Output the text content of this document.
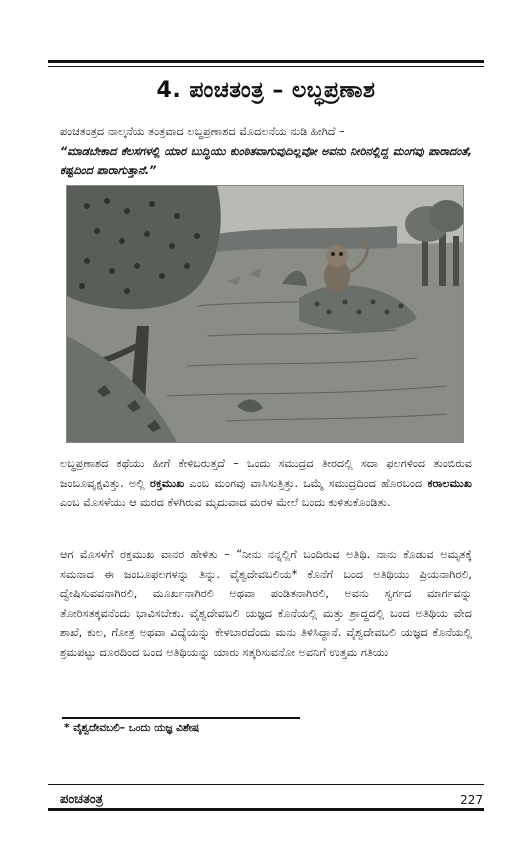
4. ಪಂಚತಂತ್ರ – ಲಬ್ಧಪ್ರಣಾಶ
ಪಂಚತಂತ್ರದ ನಾಲ್ಕನೆಯ ತಂತ್ರವಾದ ಲಬ್ಧಪ್ರಣಾಶದ ಮೊದಲನೆಯ ನುಡಿ ಹೀಗಿದೆ –
“ಮಾಡಬೇಕಾದ ಕೆಲಸಗಳಲ್ಲಿ ಯಾರ ಬುದ್ಧಿಯು ಕುಂಠಿತವಾಗುವುದಿಲ್ಲವೋ ಅವನು ನೀರಿನಲ್ಲಿದ್ದ ಮಂಗವು ಪಾರಾದಂತೆ, ಕಷ್ಟದಿಂದ ಪಾರಾಗುತ್ತಾನೆ.”
ಲಬ್ಧಪ್ರಣಾಶದ ಕಥೆಯು ಹೀಗೆ ಕೇಳಿಬರುತ್ತದೆ – ಒಂದು ಸಮುದ್ರದ ತೀರದಲ್ಲಿ ಸದಾ ಫಲಗಳಿಂದ ತುಂಬಿರುವ ಜಂಬೂವೃಕ್ಷವಿತ್ತು. ಅಲ್ಲಿ ರಕ್ತಮುಖ ಎಂಬ ಮಂಗವು ವಾಸಿಸುತ್ತಿತ್ತು. ಒಮ್ಮೆ ಸಮುದ್ರದಿಂದ ಹೊರಬಂದ ಕರಾಲಮುಖ ಎಂಬ ಮೊಸಳೆಯು ಆ ಮರದ ಕೆಳಗಿರುವ ಮೃದುವಾದ ಮರಳ ಮೇಲೆ ಬಂದು ಕುಳಿತುಕೊಂಡಿತು.
ಆಗ ಮೊಸಳೆಗೆ ರಕ್ತಮುಖ ವಾನರ ಹೇಳಿತು – “ನೀನು ನನ್ನಲ್ಲಿಗೆ ಬಂದಿರುವ ಅತಿಥಿ. ನಾನು ಕೊಡುವ ಅಮೃತಕ್ಕೆ ಸಮನಾದ ಈ ಜಂಬೂಫಲಗಳನ್ನು ತಿನ್ನು. ವೈಶ್ವದೇವಬಲಿಯ* ಕೊನೆಗೆ ಬಂದ ಅತಿಥಿಯು ಪ್ರಿಯನಾಗಿರಲಿ, ದ್ವೇಷಿಸುವವನಾಗಿರಲಿ, ಮೂರ್ಖನಾಗಿರಲಿ ಅಥವಾ ಪಂಡಿತನಾಗಿರಲಿ, ಅವನು ಸ್ವರ್ಗದ ಮಾರ್ಗವನ್ನು ತೋರಿಸತಕ್ಕವನೆಂದು ಭಾವಿಸಬೇಕು. ವೈಶ್ವದೇವಬಲಿ ಯಜ್ಞದ ಕೊನೆಯಲ್ಲಿ ಮತ್ತು ಶ್ರಾದ್ಧದಲ್ಲಿ ಬಂದ ಅತಿಥಿಯ ವೇದ ಶಾಖೆ, ಕುಲ, ಗೋತ್ರ ಅಥವಾ ವಿದ್ಯೆಯನ್ನು ಕೇಳಬಾರದೆಂದು ಮನು ತಿಳಿಸಿದ್ದಾನೆ. ವೈಶ್ವದೇವಬಲಿ ಯಜ್ಞದ ಕೊನೆಯಲ್ಲಿ ಶ್ರಮಪಟ್ಟು ದೂರದಿಂದ ಬಂದ ಅತಿಥಿಯನ್ನು ಯಾರು ಸತ್ಕರಿಸುವನೋ ಅವನಿಗೆ ಉತ್ತಮ ಗತಿಯು
* ವೈಶ್ವದೇವಬಲಿ– ಒಂದು ಯಜ್ಞ ವಿಶೇಷ
ಪಂಚತಂತ್ರ	227
